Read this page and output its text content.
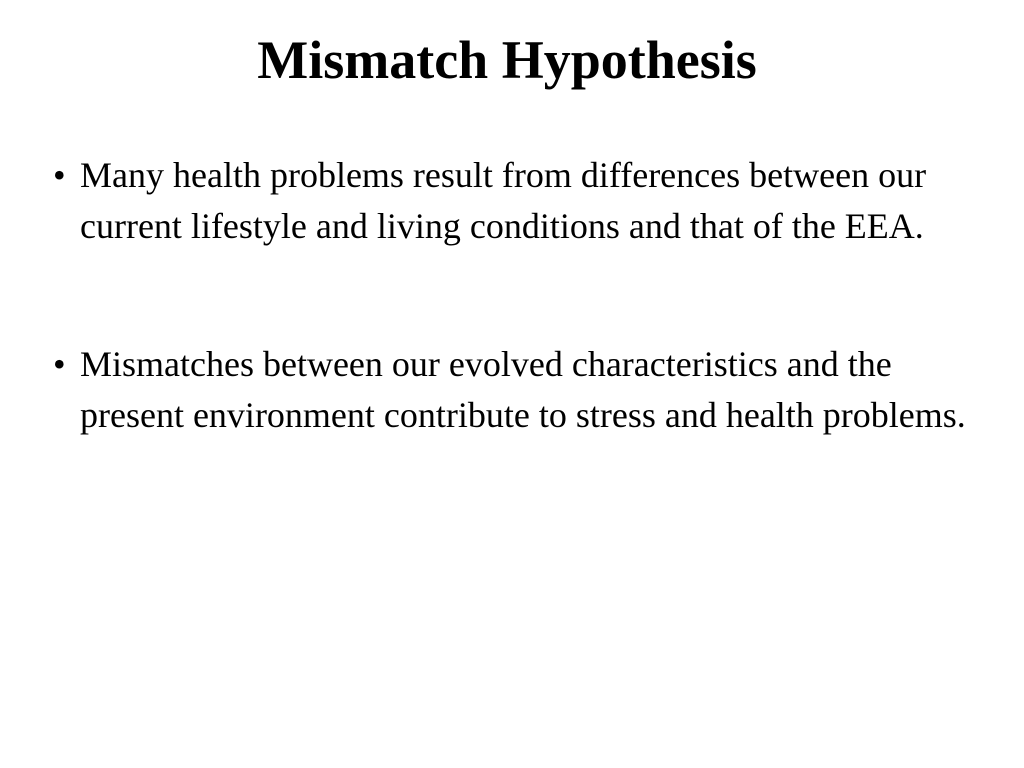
Mismatch Hypothesis
• Many health problems result from differences between our current lifestyle and living conditions and that of the EEA.
• Mismatches between our evolved characteristics and the present environment contribute to stress and health problems.
